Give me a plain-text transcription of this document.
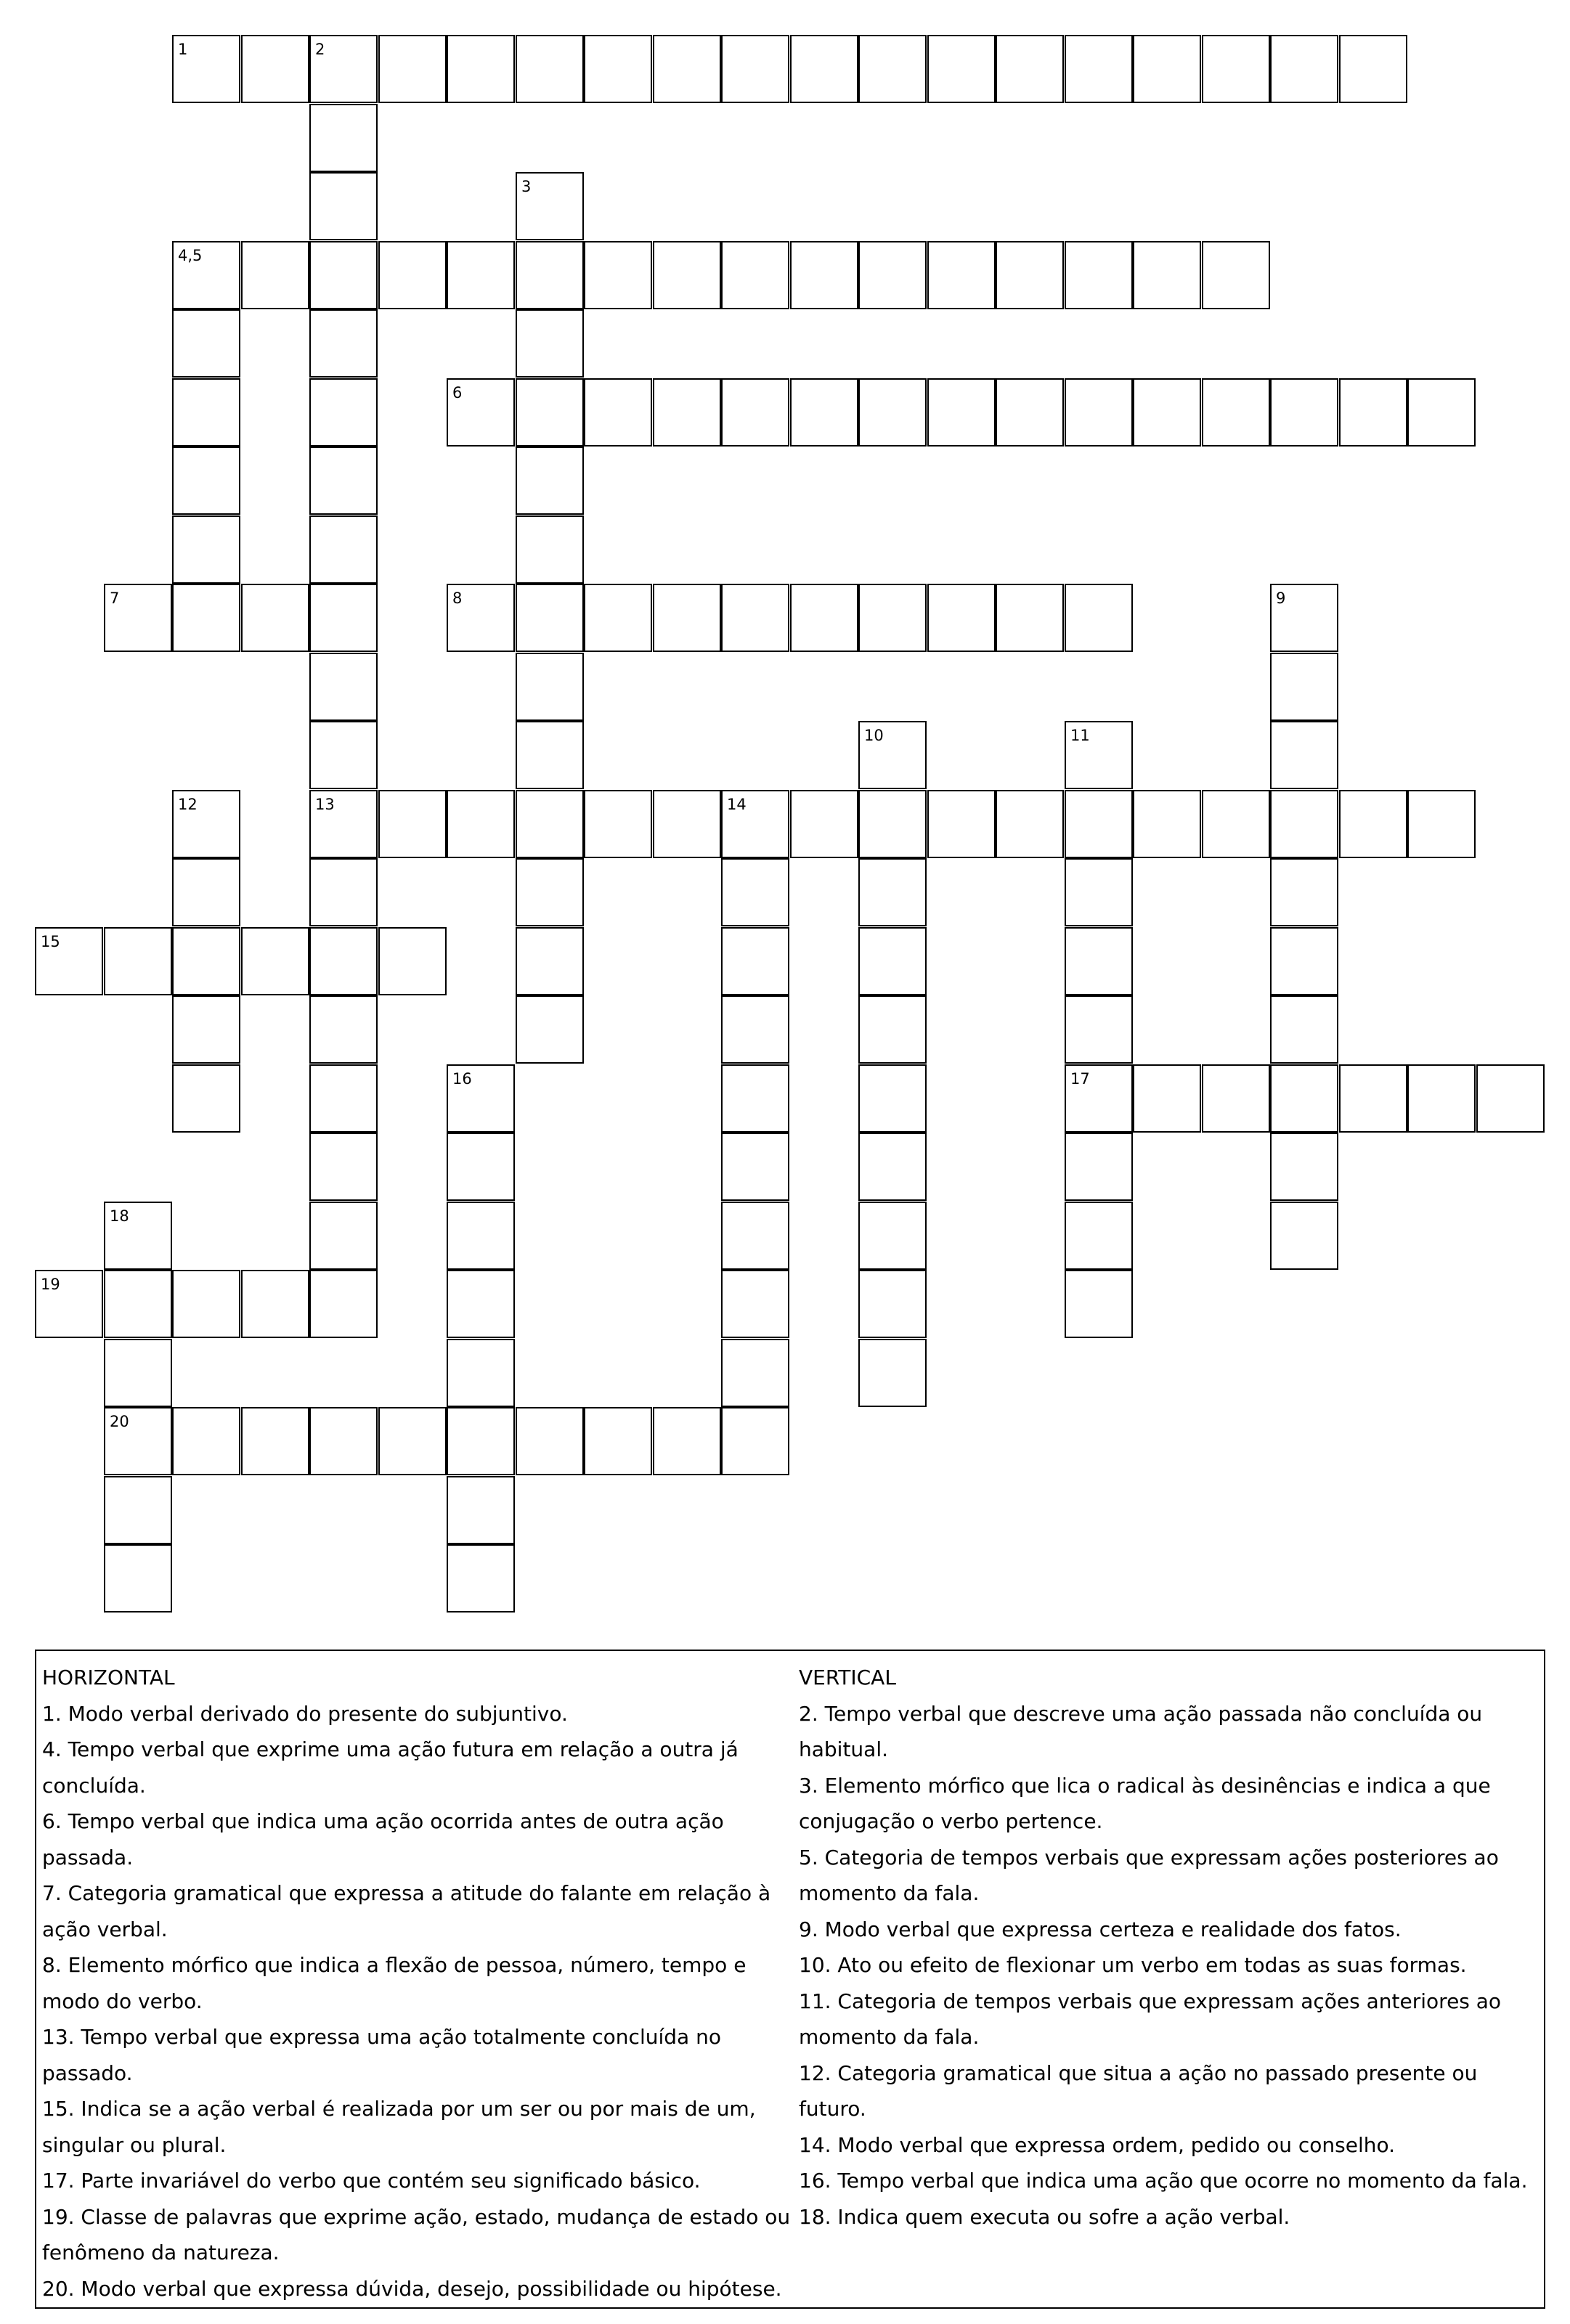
1	2
3
4,5
6
7	8	9
10	11
12	13	14
15
16	17
18
19
20
HORIZONTAL
1. Modo verbal derivado do presente do subjuntivo.
4. Tempo verbal que exprime uma ação futura em relação a outra já concluída.
6. Tempo verbal que indica uma ação ocorrida antes de outra ação passada.
7. Categoria gramatical que expressa a atitude do falante em relação à ação verbal.
8. Elemento mórfico que indica a flexão de pessoa, número, tempo e modo do verbo.
13. Tempo verbal que expressa uma ação totalmente concluída no passado.
15. Indica se a ação verbal é realizada por um ser ou por mais de um, singular ou plural.
17. Parte invariável do verbo que contém seu significado básico.
19. Classe de palavras que exprime ação, estado, mudança de estado ou fenômeno da natureza.
20. Modo verbal que expressa dúvida, desejo, possibilidade ou hipótese.
VERTICAL
2. Tempo verbal que descreve uma ação passada não concluída ou habitual.
3. Elemento mórfico que lica o radical às desinências e indica a que conjugação o verbo pertence.
5. Categoria de tempos verbais que expressam ações posteriores ao momento da fala.
9. Modo verbal que expressa certeza e realidade dos fatos.
10. Ato ou efeito de flexionar um verbo em todas as suas formas.
11. Categoria de tempos verbais que expressam ações anteriores ao momento da fala.
12. Categoria gramatical que situa a ação no passado presente ou futuro.
14. Modo verbal que expressa ordem, pedido ou conselho.
16. Tempo verbal que indica uma ação que ocorre no momento da fala.
18. Indica quem executa ou sofre a ação verbal.
